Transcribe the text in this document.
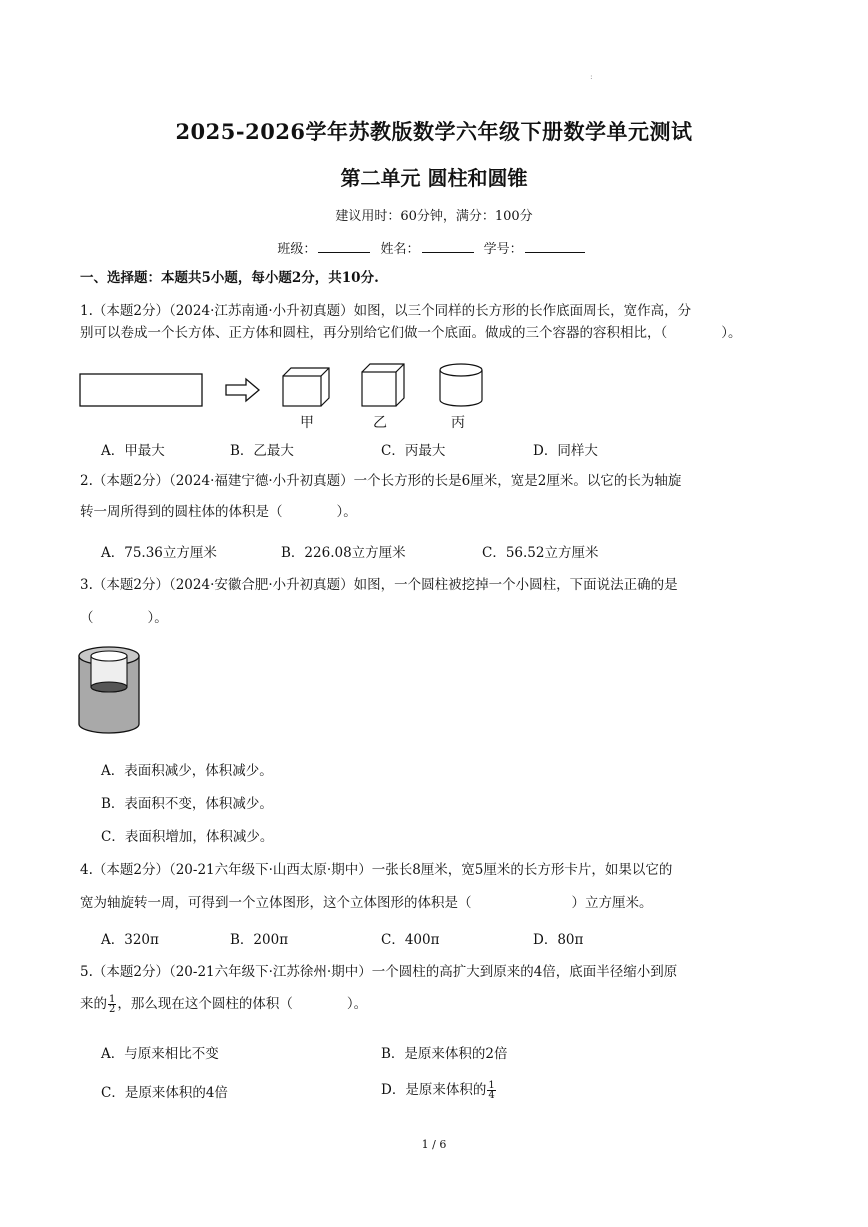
:
2025-2026学年苏教版数学六年级下册数学单元测试
第二单元 圆柱和圆锥
建议用时：60分钟，满分：100分
班级：	姓名：	学号：
一、选择题：本题共5小题，每小题2分，共10分.
1.（本题2分）（2024·江苏南通·小升初真题）如图，以三个同样的长方形的长作底面周长，宽作高，分
别可以卷成一个长方体、正方体和圆柱，再分别给它们做一个底面。做成的三个容器的容积相比，（	）。
甲	乙	丙
A．甲最大	B．乙最大	C．丙最大	D．同样大
2.（本题2分）（2024·福建宁德·小升初真题）一个长方形的长是6厘米，宽是2厘米。以它的长为轴旋
转一周所得到的圆柱体的体积是（	）。
A．75.36立方厘米	B．226.08立方厘米	C．56.52立方厘米
3.（本题2分）（2024·安徽合肥·小升初真题）如图，一个圆柱被挖掉一个小圆柱，下面说法正确的是
（	）。
A．表面积减少，体积减少。
B．表面积不变，体积减少。
C．表面积增加，体积减少。
4.（本题2分）（20-21六年级下·山西太原·期中）一张长8厘米，宽5厘米的长方形卡片，如果以它的
宽为轴旋转一周，可得到一个立体图形，这个立体图形的体积是（	）立方厘米。
A．320π	B．200π	C．400π	D．80π
5.（本题2分）（20-21六年级下·江苏徐州·期中）一个圆柱的高扩大到原来的4倍，底面半径缩小到原
来的 $\frac{1}{2}$ ，那么现在这个圆柱的体积（	）。
A．与原来相比不变	B．是原来体积的2倍
C．是原来体积的4倍	D．是原来体积的 $\frac{1}{4}$
1 / 6
